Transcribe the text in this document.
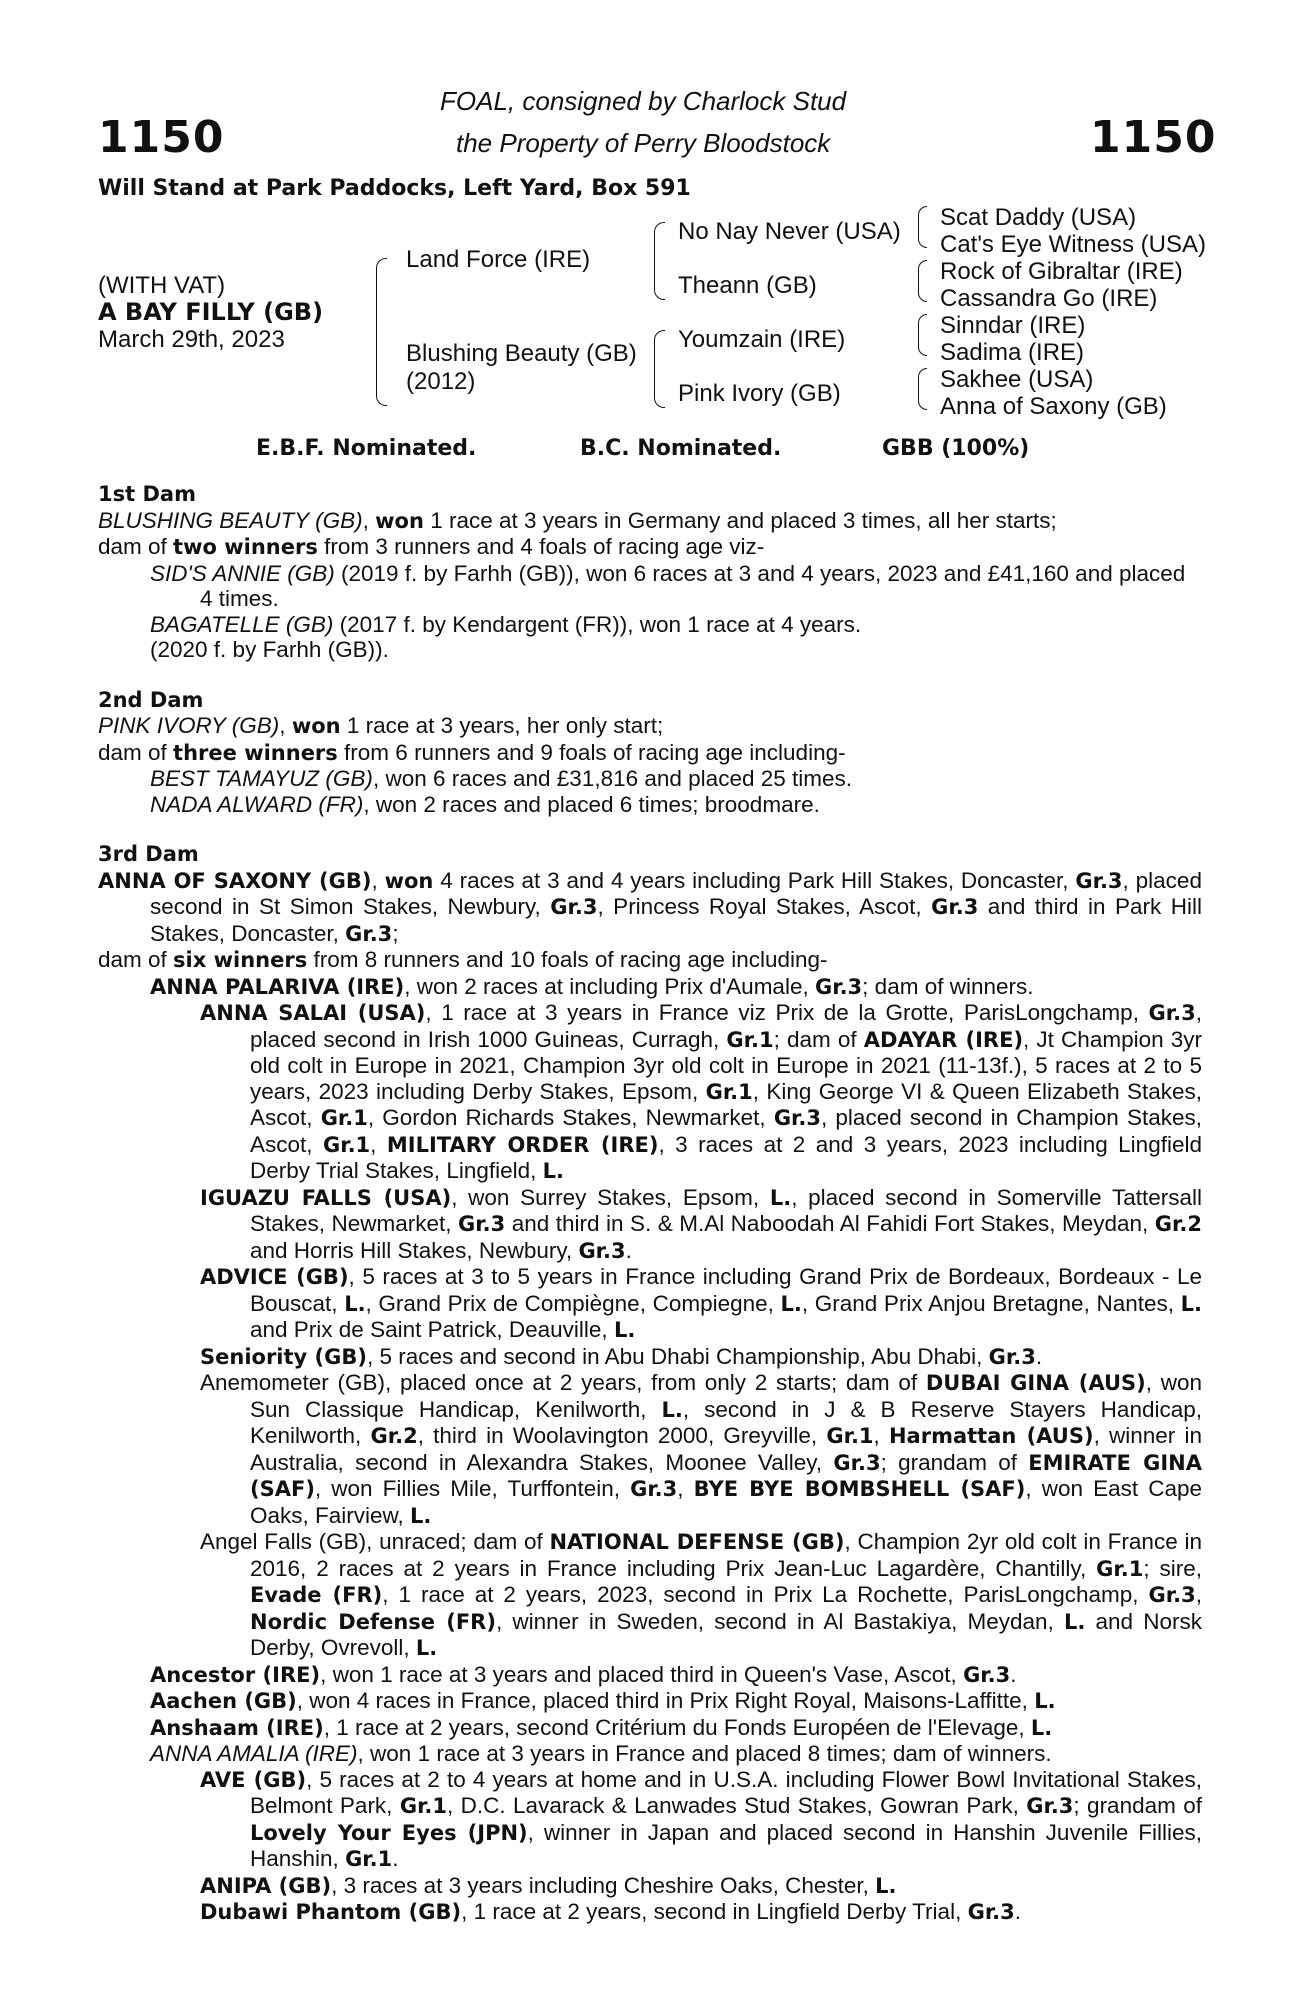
1150	1150
FOAL, consigned by Charlock Stud
the Property of Perry Bloodstock
Will Stand at Park Paddocks, Left Yard, Box 591
(WITH VAT)
A BAY FILLY (GB)
March 29th, 2023
Land Force (IRE)
Blushing Beauty (GB)
(2012)
No Nay Never (USA)
Theann (GB)
Youmzain (IRE)
Pink Ivory (GB)
Scat Daddy (USA)
Cat's Eye Witness (USA)
Rock of Gibraltar (IRE)
Cassandra Go (IRE)
Sinndar (IRE)
Sadima (IRE)
Sakhee (USA)
Anna of Saxony (GB)
E.B.F. Nominated.	B.C. Nominated.	GBB (100%)

1st Dam

BLUSHING BEAUTY (GB), won 1 race at 3 years in Germany and placed 3 times, all her starts;

dam of two winners from 3 runners and 4 foals of racing age viz-

SID'S ANNIE (GB) (2019 f. by Farhh (GB)), won 6 races at 3 and 4 years, 2023 and £41,160 and placed 4 times.

BAGATELLE (GB) (2017 f. by Kendargent (FR)), won 1 race at 4 years.

(2020 f. by Farhh (GB)).

2nd Dam

PINK IVORY (GB), won 1 race at 3 years, her only start;

dam of three winners from 6 runners and 9 foals of racing age including-

BEST TAMAYUZ (GB), won 6 races and £31,816 and placed 25 times.

NADA ALWARD (FR), won 2 races and placed 6 times; broodmare.

3rd Dam

ANNA OF SAXONY (GB), won 4 races at 3 and 4 years including Park Hill Stakes, Doncaster, Gr.3, placed second in St Simon Stakes, Newbury, Gr.3, Princess Royal Stakes, Ascot, Gr.3 and third in Park Hill Stakes, Doncaster, Gr.3;

dam of six winners from 8 runners and 10 foals of racing age including-

ANNA PALARIVA (IRE), won 2 races at including Prix d'Aumale, Gr.3; dam of winners.

ANNA SALAI (USA), 1 race at 3 years in France viz Prix de la Grotte, ParisLongchamp, Gr.3, placed second in Irish 1000 Guineas, Curragh, Gr.1; dam of ADAYAR (IRE), Jt Champion 3yr old colt in Europe in 2021, Champion 3yr old colt in Europe in 2021 (11-13f.), 5 races at 2 to 5 years, 2023 including Derby Stakes, Epsom, Gr.1, King George VI & Queen Elizabeth Stakes, Ascot, Gr.1, Gordon Richards Stakes, Newmarket, Gr.3, placed second in Champion Stakes, Ascot, Gr.1, MILITARY ORDER (IRE), 3 races at 2 and 3 years, 2023 including Lingfield Derby Trial Stakes, Lingfield, L.

IGUAZU FALLS (USA), won Surrey Stakes, Epsom, L., placed second in Somerville Tattersall Stakes, Newmarket, Gr.3 and third in S. & M.Al Naboodah Al Fahidi Fort Stakes, Meydan, Gr.2 and Horris Hill Stakes, Newbury, Gr.3.

ADVICE (GB), 5 races at 3 to 5 years in France including Grand Prix de Bordeaux, Bordeaux - Le Bouscat, L., Grand Prix de Compiègne, Compiegne, L., Grand Prix Anjou Bretagne, Nantes, L. and Prix de Saint Patrick, Deauville, L.

Seniority (GB), 5 races and second in Abu Dhabi Championship, Abu Dhabi, Gr.3.

Anemometer (GB), placed once at 2 years, from only 2 starts; dam of DUBAI GINA (AUS), won Sun Classique Handicap, Kenilworth, L., second in J & B Reserve Stayers Handicap, Kenilworth, Gr.2, third in Woolavington 2000, Greyville, Gr.1, Harmattan (AUS), winner in Australia, second in Alexandra Stakes, Moonee Valley, Gr.3; grandam of EMIRATE GINA (SAF), won Fillies Mile, Turffontein, Gr.3, BYE BYE BOMBSHELL (SAF), won East Cape Oaks, Fairview, L.

Angel Falls (GB), unraced; dam of NATIONAL DEFENSE (GB), Champion 2yr old colt in France in 2016, 2 races at 2 years in France including Prix Jean-Luc Lagardère, Chantilly, Gr.1; sire, Evade (FR), 1 race at 2 years, 2023, second in Prix La Rochette, ParisLongchamp, Gr.3, Nordic Defense (FR), winner in Sweden, second in Al Bastakiya, Meydan, L. and Norsk Derby, Ovrevoll, L.

Ancestor (IRE), won 1 race at 3 years and placed third in Queen's Vase, Ascot, Gr.3.

Aachen (GB), won 4 races in France, placed third in Prix Right Royal, Maisons-Laffitte, L.

Anshaam (IRE), 1 race at 2 years, second Critérium du Fonds Européen de l'Elevage, L.

ANNA AMALIA (IRE), won 1 race at 3 years in France and placed 8 times; dam of winners.

AVE (GB), 5 races at 2 to 4 years at home and in U.S.A. including Flower Bowl Invitational Stakes, Belmont Park, Gr.1, D.C. Lavarack & Lanwades Stud Stakes, Gowran Park, Gr.3; grandam of Lovely Your Eyes (JPN), winner in Japan and placed second in Hanshin Juvenile Fillies, Hanshin, Gr.1.

ANIPA (GB), 3 races at 3 years including Cheshire Oaks, Chester, L.

Dubawi Phantom (GB), 1 race at 2 years, second in Lingfield Derby Trial, Gr.3.
